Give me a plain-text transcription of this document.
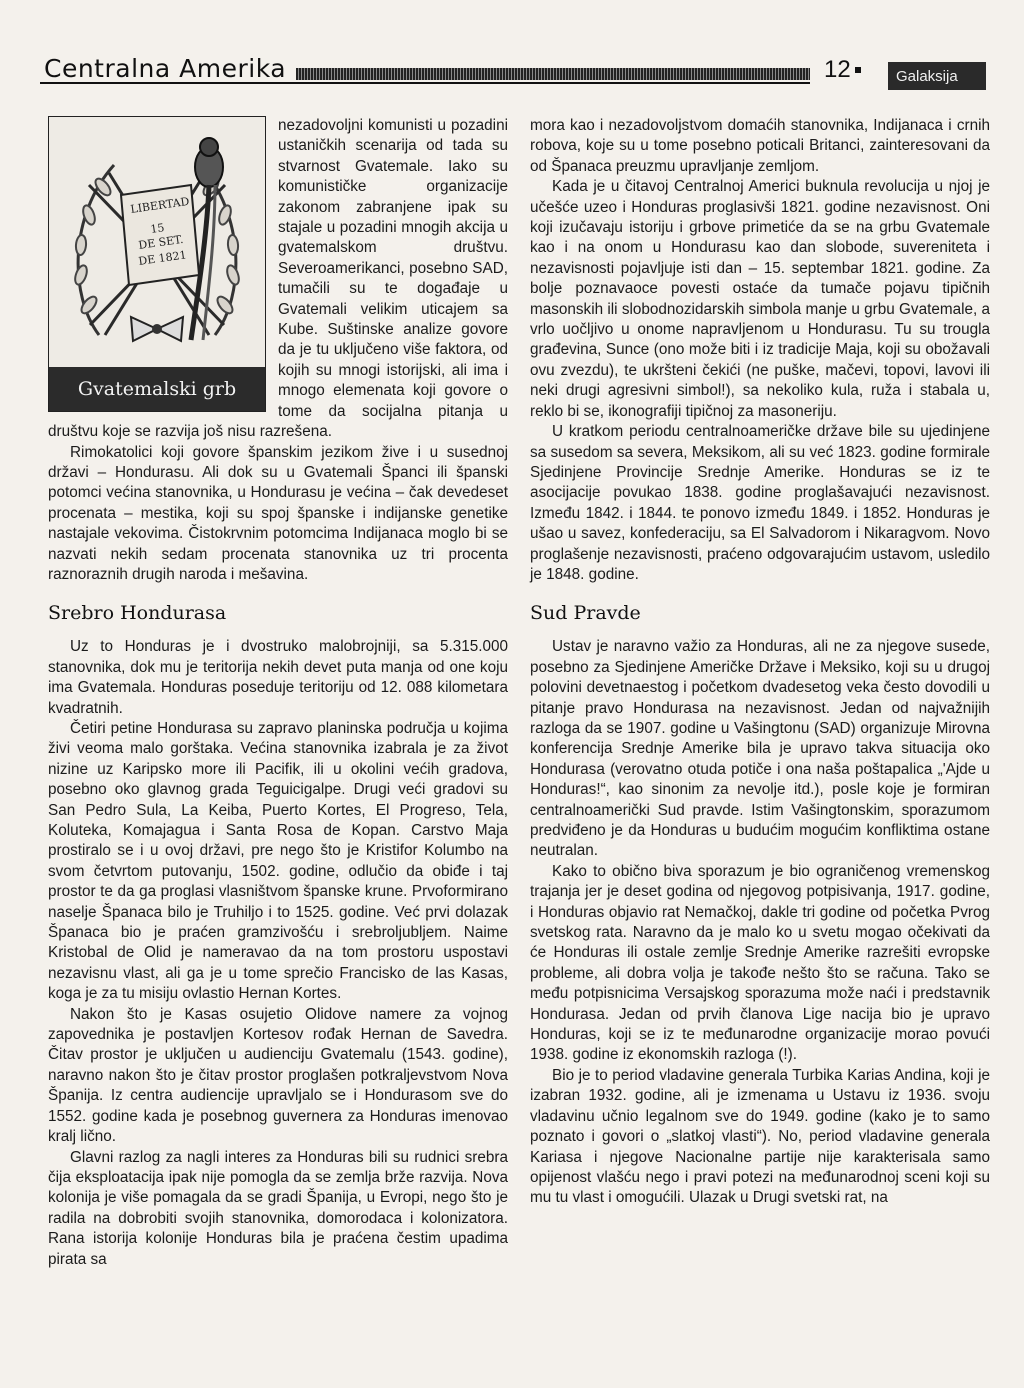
Centralna Amerika	12	Galaksija
LIBERTAD
15
DE SET.
DE 1821
Gvatemalski grb

nezadovoljni komunisti u pozadini ustaničkih scenarija od tada su stvarnost Gvatemale. Iako su komunističke organizacije zakonom zabranjene ipak su stajale u pozadini mnogih akcija u gvatemalskom društvu. Severoamerikanci, posebno SAD, tumačili su te događaje u Gvatemali velikim uticajem sa Kube. Suštinske analize govore da je tu uključeno više faktora, od kojih su mnogi istorijski, ali ima i mnogo elemenata koji govore o tome da socijalna pitanja u društvu koje se razvija još nisu razrešena.

Rimokatolici koji govore španskim jezikom žive i u susednoj državi – Hondurasu. Ali dok su u Gvatemali Španci ili španski potomci većina stanovnika, u Hondurasu je većina – čak devedeset procenata – mestika, koji su spoj španske i indijanske genetike nastajale vekovima. Čistokrvnim potomcima Indijanaca moglo bi se nazvati nekih sedam procenata stanovnika uz tri procenta raznoraznih drugih naroda i mešavina.

Srebro Hondurasa

Uz to Honduras je i dvostruko malobrojniji, sa 5.315.000 stanovnika, dok mu je teritorija nekih devet puta manja od one koju ima Gvatemala. Honduras poseduje teritoriju od 12. 088 kilometara kvadratnih.

Četiri petine Hondurasa su zapravo planinska područja u kojima živi veoma malo gorštaka. Većina stanovnika izabrala je za život nizine uz Karipsko more ili Pacifik, ili u okolini većih gradova, posebno oko glavnog grada Teguicigalpe. Drugi veći gradovi su San Pedro Sula, La Keiba, Puerto Kortes, El Progreso, Tela, Koluteka, Komajagua i Santa Rosa de Kopan. Carstvo Maja prostiralo se i u ovoj državi, pre nego što je Kristifor Kolumbo na svom četvrtom putovanju, 1502. godine, odlučio da obiđe i taj prostor te da ga proglasi vlasništvom španske krune. Prvoformirano naselje Španaca bilo je Truhiljo i to 1525. godine. Već prvi dolazak Španaca bio je praćen gramzivošću i srebroljubljem. Naime Kristobal de Olid je nameravao da na tom prostoru uspostavi nezavisnu vlast, ali ga je u tome sprečio Francisko de las Kasas, koga je za tu misiju ovlastio Hernan Kortes.

Nakon što je Kasas osujetio Olidove namere za vojnog zapovednika je postavljen Kortesov rođak Hernan de Savedra. Čitav prostor je uključen u audienciju Gvatemalu (1543. godine), naravno nakon što je čitav prostor proglašen potkraljevstvom Nova Španija. Iz centra audiencije upravljalo se i Hondurasom sve do 1552. godine kada je posebnog guvernera za Honduras imenovao kralj lično.

Glavni razlog za nagli interes za Honduras bili su rudnici srebra čija eksploatacija ipak nije pomogla da se zemlja brže razvija. Nova kolonija je više pomagala da se gradi Španija, u Evropi, nego što je radila na dobrobiti svojih stanovnika, domorodaca i kolonizatora. Rana istorija kolonije Honduras bila je praćena čestim upadima pirata sa

mora kao i nezadovoljstvom domaćih stanovnika, Indijanaca i crnih robova, koje su u tome posebno poticali Britanci, zainteresovani da od Španaca preuzmu upravljanje zemljom.

Kada je u čitavoj Centralnoj Americi buknula revolucija u njoj je učešće uzeo i Honduras proglasivši 1821. godine nezavisnost. Oni koji izučavaju istoriju i grbove primetiće da se na grbu Gvatemale kao i na onom u Hondurasu kao dan slobode, suvereniteta i nezavisnosti pojavljuje isti dan – 15. septembar 1821. godine. Za bolje poznavaoce povesti ostaće da tumače pojavu tipičnih masonskih ili slobodnozidarskih simbola manje u grbu Gvatemale, a vrlo uočljivo u onome napravljenom u Hondurasu. Tu su trougla građevina, Sunce (ono može biti i iz tradicije Maja, koji su obožavali ovu zvezdu), te ukršteni čekići (ne puške, mačevi, topovi, lavovi ili neki drugi agresivni simbol!), sa nekoliko kula, ruža i stabala u, reklo bi se, ikonografiji tipičnoj za masoneriju.

U kratkom periodu centralnoameričke države bile su ujedinjene sa susedom sa severa, Meksikom, ali su već 1823. godine formirale Sjedinjene Provincije Srednje Amerike. Honduras se iz te asocijacije povukao 1838. godine proglašavajući nezavisnost. Između 1842. i 1844. te ponovo između 1849. i 1852. Honduras je ušao u savez, konfederaciju, sa El Salvadorom i Nikaragvom. Novo proglašenje nezavisnosti, praćeno odgovarajućim ustavom, usledilo je 1848. godine.

Sud Pravde

Ustav je naravno važio za Honduras, ali ne za njegove susede, posebno za Sjedinjene Američke Države i Meksiko, koji su u drugoj polovini devetnaestog i početkom dvadesetog veka često dovodili u pitanje pravo Hondurasa na nezavisnost. Jedan od najvažnijih razloga da se 1907. godine u Vašingtonu (SAD) organizuje Mirovna konferencija Srednje Amerike bila je upravo takva situacija oko Hondurasa (verovatno otuda potiče i ona naša poštapalica „'Ajde u Honduras!“, kao sinonim za nevolje itd.), posle koje je formiran centralnoamerički Sud pravde. Istim Vašingtonskim, sporazumom predviđeno je da Honduras u budućim mogućim konfliktima ostane neutralan.

Kako to obično biva sporazum je bio ograničenog vremenskog trajanja jer je deset godina od njegovog potpisivanja, 1917. godine, i Honduras objavio rat Nemačkoj, dakle tri godine od početka Pvrog svetskog rata. Naravno da je malo ko u svetu mogao očekivati da će Honduras ili ostale zemlje Srednje Amerike razrešiti evropske probleme, ali dobra volja je takođe nešto što se računa. Tako se među potpisnicima Versajskog sporazuma može naći i predstavnik Hondurasa. Jedan od prvih članova Lige nacija bio je upravo Honduras, koji se iz te međunarodne organizacije morao povući 1938. godine iz ekonomskih razloga (!).

Bio je to period vladavine generala Turbika Karias Andina, koji je izabran 1932. godine, ali je izmenama u Ustavu iz 1936. svoju vladavinu učnio legalnom sve do 1949. godine (kako je to samo poznato i govori o „slatkoj vlasti“). No, period vladavine generala Kariasa i njegove Nacionalne partije nije karakterisala samo opijenost vlašću nego i pravi potezi na međunarodnoj sceni koji su mu tu vlast i omogućili. Ulazak u Drugi svetski rat, na
